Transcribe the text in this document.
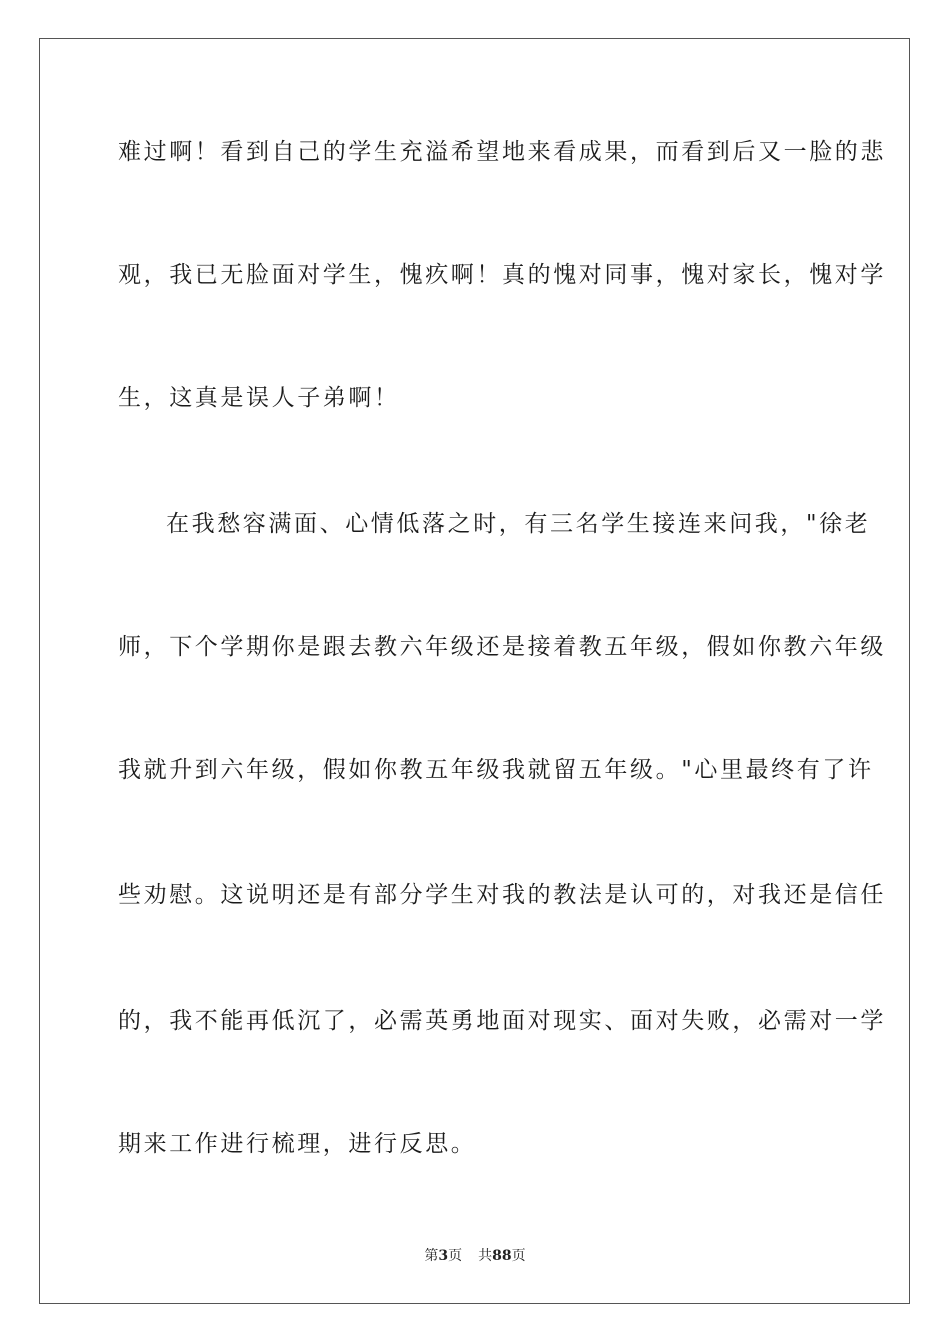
难过啊！看到自己的学生充溢希望地来看成果，而看到后又一脸的悲
观，我已无脸面对学生，愧疚啊！真的愧对同事，愧对家长，愧对学
生，这真是误人子弟啊！
在我愁容满面、心情低落之时，有三名学生接连来问我，"徐老
师，下个学期你是跟去教六年级还是接着教五年级，假如你教六年级
我就升到六年级，假如你教五年级我就留五年级。"心里最终有了许
些劝慰。这说明还是有部分学生对我的教法是认可的，对我还是信任
的，我不能再低沉了，必需英勇地面对现实、面对失败，必需对一学
期来工作进行梳理，进行反思。
第3页 共88页
